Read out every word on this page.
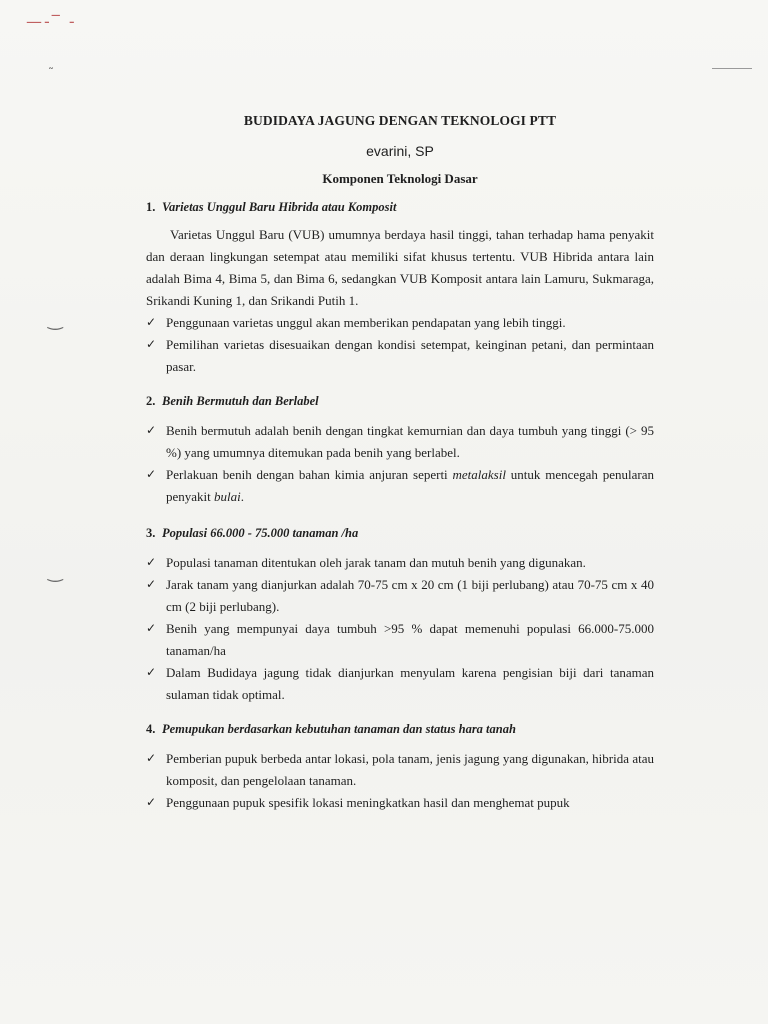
—-‾ -
˜
‿
‿
BUDIDAYA JAGUNG DENGAN TEKNOLOGI PTT
evarini, SP
Komponen Teknologi Dasar
1. Varietas Unggul Baru Hibrida atau Komposit

Varietas Unggul Baru (VUB) umumnya berdaya hasil tinggi, tahan terhadap hama penyakit dan deraan lingkungan setempat atau memiliki sifat khusus tertentu. VUB Hibrida antara lain adalah Bima 4, Bima 5, dan Bima 6, sedangkan VUB Komposit antara lain Lamuru, Sukmaraga, Srikandi Kuning 1, dan Srikandi Putih 1.

✓ Penggunaan varietas unggul akan memberikan pendapatan yang lebih tinggi.
✓ Pemilihan varietas disesuaikan dengan kondisi setempat, keinginan petani, dan permintaan pasar.
2. Benih Bermutuh dan Berlabel
✓ Benih bermutuh adalah benih dengan tingkat kemurnian dan daya tumbuh yang tinggi (> 95 %) yang umumnya ditemukan pada benih yang berlabel.
✓ Perlakuan benih dengan bahan kimia anjuran seperti metalaksil untuk mencegah penularan penyakit bulai.
3. Populasi 66.000 - 75.000 tanaman /ha
✓ Populasi tanaman ditentukan oleh jarak tanam dan mutuh benih yang digunakan.
✓ Jarak tanam yang dianjurkan adalah 70-75 cm x 20 cm (1 biji perlubang) atau 70-75 cm x 40 cm (2 biji perlubang).
✓ Benih yang mempunyai daya tumbuh >95 % dapat memenuhi populasi 66.000-75.000 tanaman/ha
✓ Dalam Budidaya jagung tidak dianjurkan menyulam karena pengisian biji dari tanaman sulaman tidak optimal.
4. Pemupukan berdasarkan kebutuhan tanaman dan status hara tanah
✓ Pemberian pupuk berbeda antar lokasi, pola tanam, jenis jagung yang digunakan, hibrida atau komposit, dan pengelolaan tanaman.
✓ Penggunaan pupuk spesifik lokasi meningkatkan hasil dan menghemat pupuk
